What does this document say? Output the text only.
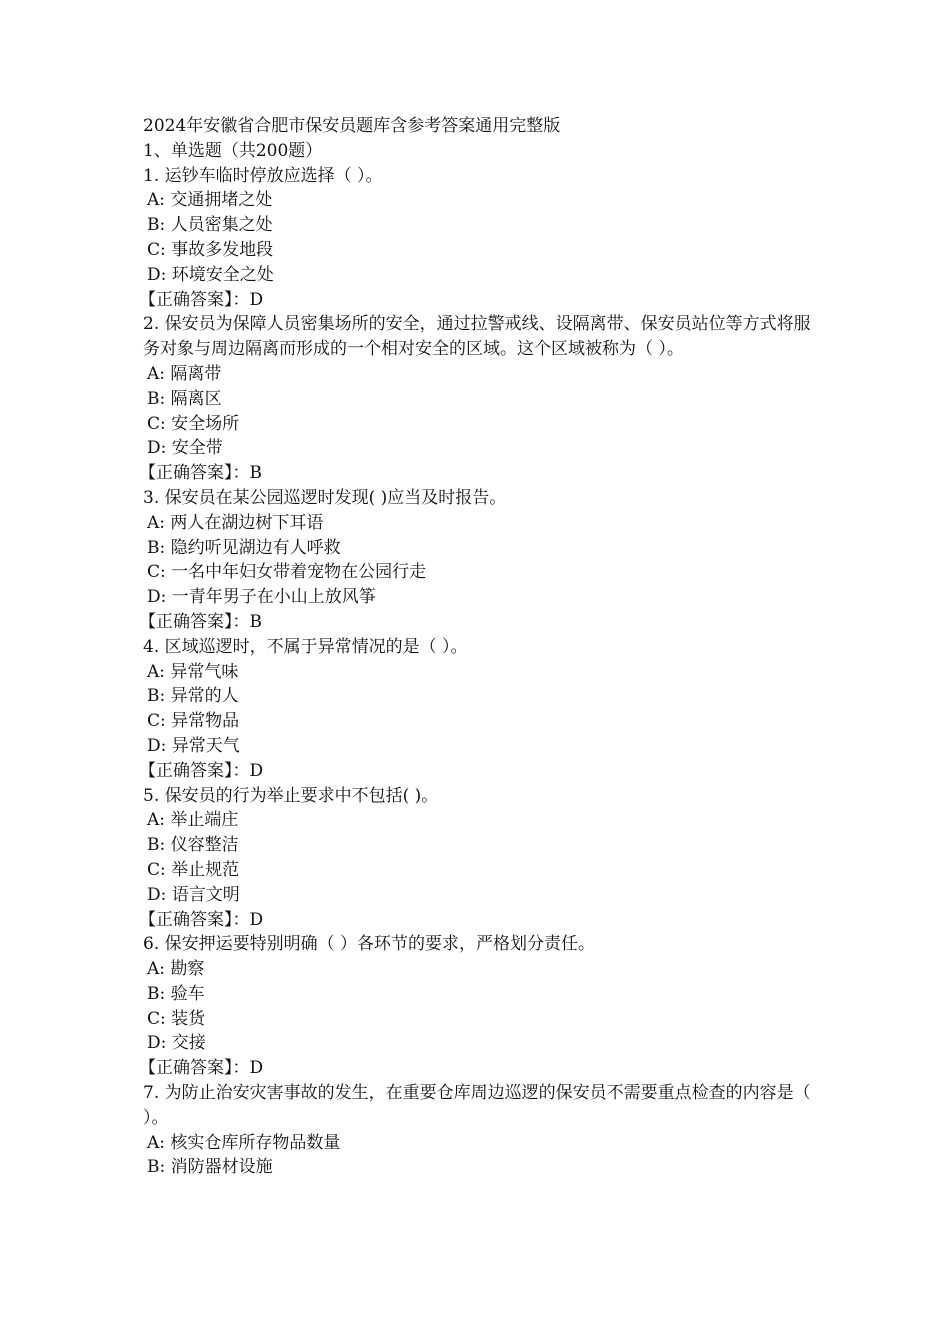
2024年安徽省合肥市保安员题库含参考答案通用完整版

1、单选题（共200题）

1. 运钞车临时停放应选择（ ）。

A: 交通拥堵之处

B: 人员密集之处

C: 事故多发地段

D: 环境安全之处

【正确答案】：D

2. 保安员为保障人员密集场所的安全，通过拉警戒线、设隔离带、保安员站位等方式将服务对象与周边隔离而形成的一个相对安全的区域。这个区域被称为（ ）。

A: 隔离带

B: 隔离区

C: 安全场所

D: 安全带

【正确答案】：B

3. 保安员在某公园巡逻时发现( )应当及时报告。

A: 两人在湖边树下耳语

B: 隐约听见湖边有人呼救

C: 一名中年妇女带着宠物在公园行走

D: 一青年男子在小山上放风筝

【正确答案】：B

4. 区域巡逻时，不属于异常情况的是（ ）。

A: 异常气味

B: 异常的人

C: 异常物品

D: 异常天气

【正确答案】：D

5. 保安员的行为举止要求中不包括( )。

A: 举止端庄

B: 仪容整洁

C: 举止规范

D: 语言文明

【正确答案】：D

6. 保安押运要特别明确（ ）各环节的要求，严格划分责任。

A: 勘察

B: 验车

C: 装货

D: 交接

【正确答案】：D

7. 为防止治安灾害事故的发生，在重要仓库周边巡逻的保安员不需要重点检查的内容是（ ）。

A: 核实仓库所存物品数量

B: 消防器材设施
